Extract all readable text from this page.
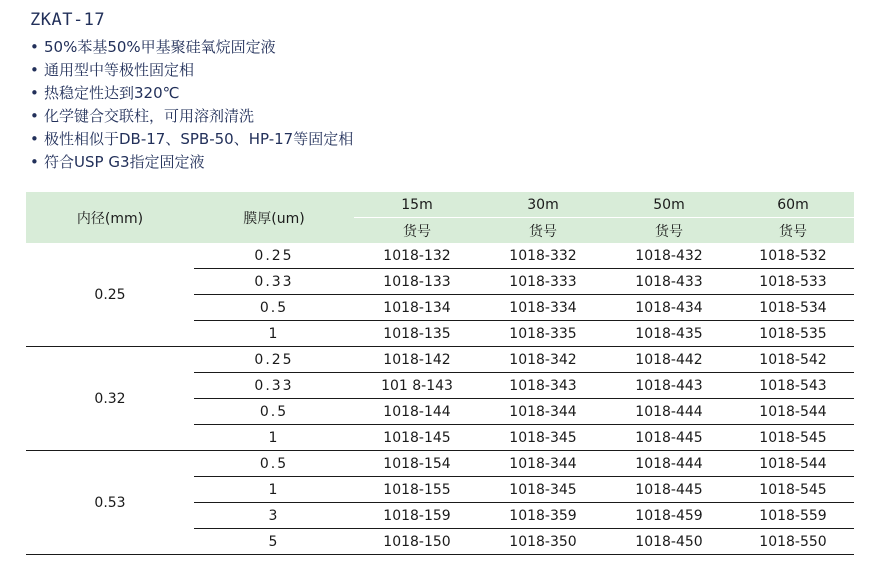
ZKAT-17
• 50%苯基50%甲基聚硅氧烷固定液
• 通用型中等极性固定相
• 热稳定性达到320℃
• 化学键合交联柱，可用溶剂清洗
• 极性相似于DB-17、SPB-50、HP-17等固定相
• 符合USP G3指定固定液
内径(mm)	膜厚(um)	15m	30m	50m	60m
		货号	货号	货号	货号
0.25	0.25	1018-132	1018-332	1018-432	1018-532
	0.33	1018-133	1018-333	1018-433	1018-533
	0.5	1018-134	1018-334	1018-434	1018-534
	1	1018-135	1018-335	1018-435	1018-535
0.32	0.25	1018-142	1018-342	1018-442	1018-542
	0.33	101 8-143	1018-343	1018-443	1018-543
	0.5	1018-144	1018-344	1018-444	1018-544
	1	1018-145	1018-345	1018-445	1018-545
0.53	0.5	1018-154	1018-344	1018-444	1018-544
	1	1018-155	1018-345	1018-445	1018-545
	3	1018-159	1018-359	1018-459	1018-559
	5	1018-150	1018-350	1018-450	1018-550
